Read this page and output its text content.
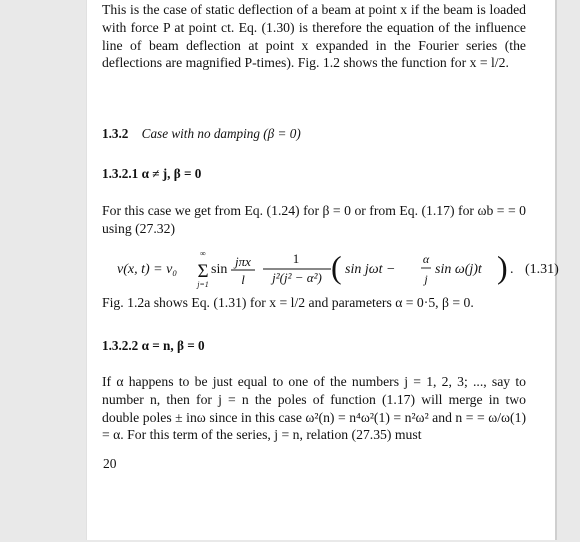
This is the case of static deflection of a beam at point x if the beam is loaded with force P at point ct. Eq. (1.30) is therefore the equation of the influence line of beam deflection at point x expanded in the Fourier series (the deflections are magnified P-times). Fig. 1.2 shows the function for x = l/2.
1.3.2 Case with no damping (β = 0)
1.3.2.1 α ≠ j, β = 0
For this case we get from Eq. (1.24) for β = 0 or from Eq. (1.17) for ωb = = 0 using (27.32)
v(x, t) = v₀
∞
Σ
j=1
sin
jπx
l
1
j²(j² − α²) ( sin jωt −
α
j
sin ω(j)t ) . (1.31)
Fig. 1.2a shows Eq. (1.31) for x = l/2 and parameters α = 0·5, β = 0.
1.3.2.2 α = n, β = 0
If α happens to be just equal to one of the numbers j = 1, 2, 3; ..., say to number n, then for j = n the poles of function (1.17) will merge in two double poles ± inω since in this case ω²(n) = n⁴ω²(1) = n²ω² and n = = ω/ω(1) = α. For this term of the series, j = n, relation (27.35) must
20
